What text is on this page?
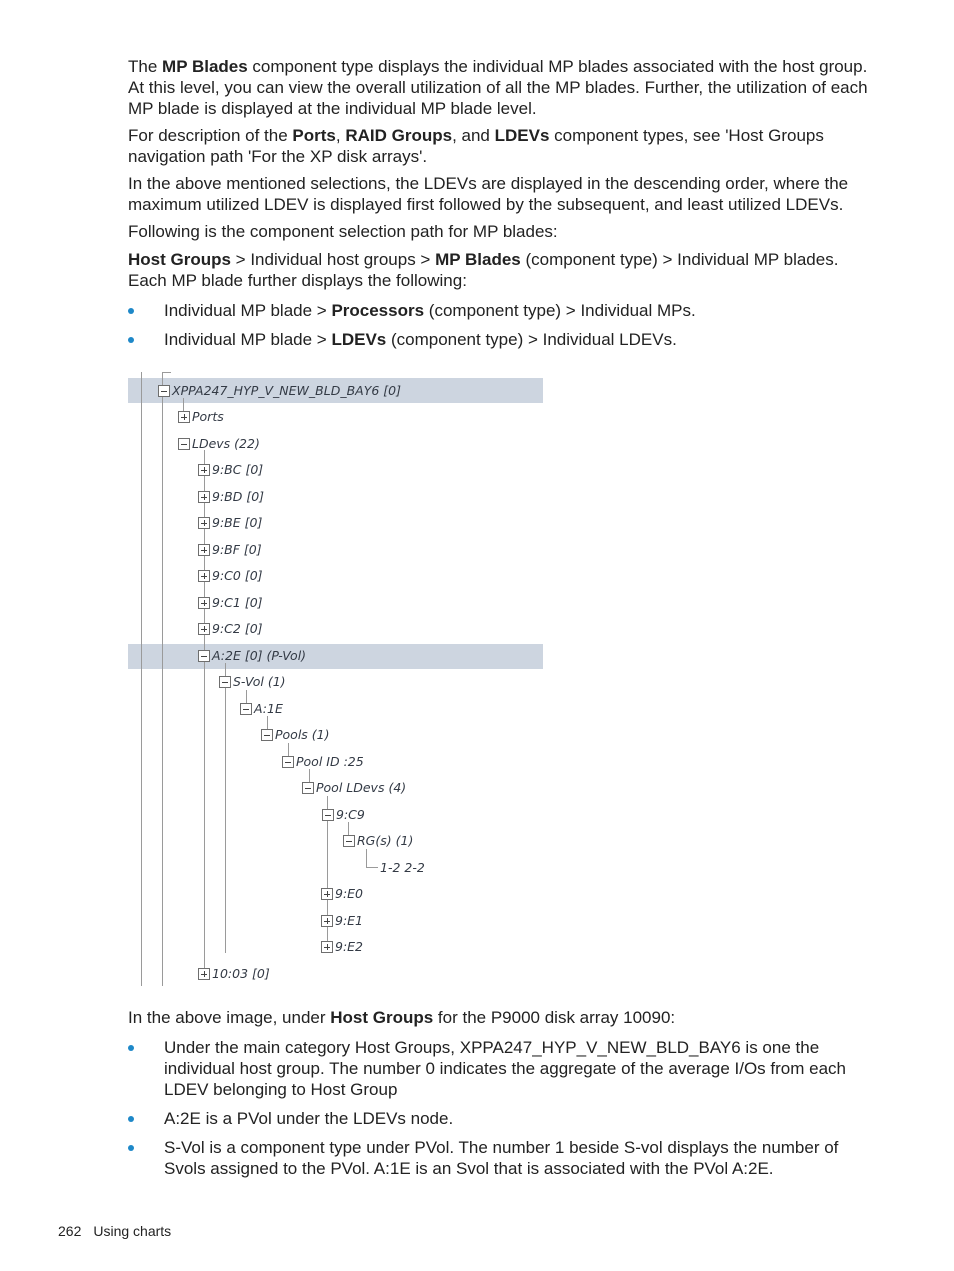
The MP Blades component type displays the individual MP blades associated with the host group. At this level, you can view the overall utilization of all the MP blades. Further, the utilization of each MP blade is displayed at the individual MP blade level.

For description of the Ports, RAID Groups, and LDEVs component types, see 'Host Groups navigation path 'For the XP disk arrays'.

In the above mentioned selections, the LDEVs are displayed in the descending order, where the maximum utilized LDEV is displayed first followed by the subsequent, and least utilized LDEVs.

Following is the component selection path for MP blades:

Host Groups > Individual host groups > MP Blades (component type) > Individual MP blades. Each MP blade further displays the following:

Individual MP blade > Processors (component type) > Individual MPs.
Individual MP blade > LDEVs (component type) > Individual LDEVs.
XPPA247_HYP_V_NEW_BLD_BAY6 [0]
Ports
LDevs (22)
9:BC [0]
9:BD [0]
9:BE [0]
9:BF [0]
9:C0 [0]
9:C1 [0]
9:C2 [0]
A:2E [0] (P-Vol)
S-Vol (1)
A:1E
Pools (1)
Pool ID :25
Pool LDevs (4)
9:C9
RG(s) (1)
1-2 2-2
9:E0
9:E1
9:E2
10:03 [0]

In the above image, under Host Groups for the P9000 disk array 10090:

Under the main category Host Groups, XPPA247_HYP_V_NEW_BLD_BAY6 is one the individual host group. The number 0 indicates the aggregate of the average I/Os from each LDEV belonging to Host Group
A:2E is a PVol under the LDEVs node.
S-Vol is a component type under PVol. The number 1 beside S-vol displays the number of Svols assigned to the PVol. A:1E is an Svol that is associated with the PVol A:2E.
262 Using charts
